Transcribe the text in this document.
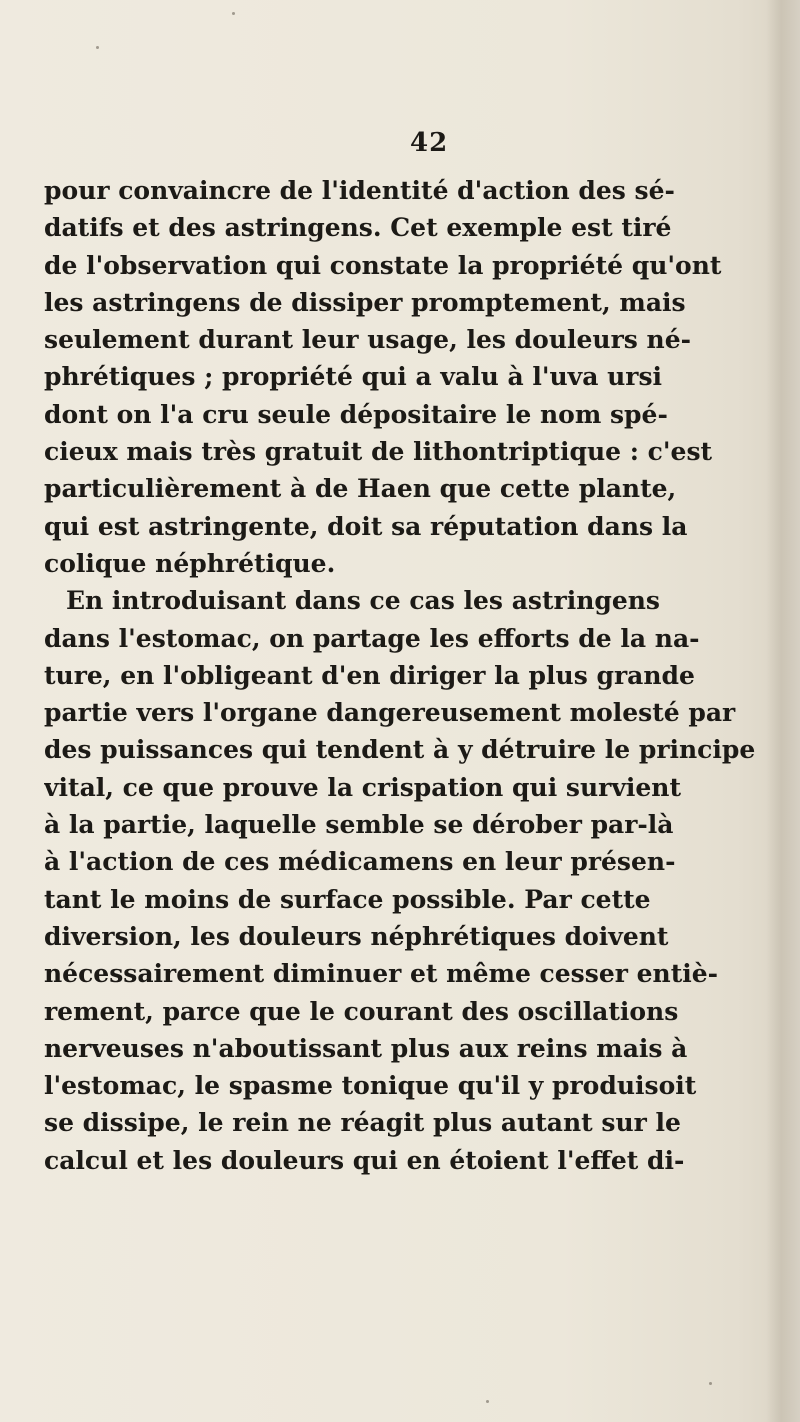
42
pour convaincre de l'identité d'action des sé-
datifs et des astringens. Cet exemple est tiré
de l'observation qui constate la propriété qu'ont
les astringens de dissiper promptement, mais
seulement durant leur usage, les douleurs né-
phrétiques ; propriété qui a valu à l'uva ursi
dont on l'a cru seule dépositaire le nom spé-
cieux mais très gratuit de lithontriptique : c'est
particulièrement à de Haen que cette plante,
qui est astringente, doit sa réputation dans la
colique néphrétique.
En introduisant dans ce cas les astringens
dans l'estomac, on partage les efforts de la na-
ture, en l'obligeant d'en diriger la plus grande
partie vers l'organe dangereusement molesté par
des puissances qui tendent à y détruire le principe
vital, ce que prouve la crispation qui survient
à la partie, laquelle semble se dérober par-là
à l'action de ces médicamens en leur présen-
tant le moins de surface possible. Par cette
diversion, les douleurs néphrétiques doivent
nécessairement diminuer et même cesser entiè-
rement, parce que le courant des oscillations
nerveuses n'aboutissant plus aux reins mais à
l'estomac, le spasme tonique qu'il y produisoit
se dissipe, le rein ne réagit plus autant sur le
calcul et les douleurs qui en étoient l'effet di-
